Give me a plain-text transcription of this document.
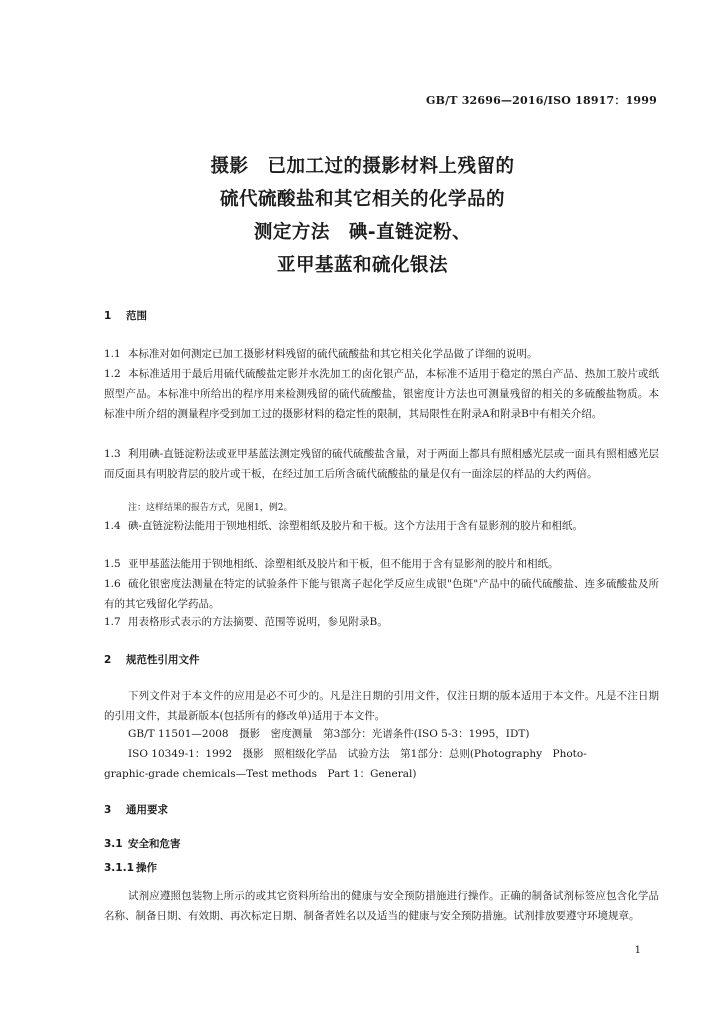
GB/T 32696—2016/ISO 18917：1999
摄影　已加工过的摄影材料上残留的
硫代硫酸盐和其它相关的化学品的
测定方法　碘-直链淀粉、
亚甲基蓝和硫化银法
1 范围
1.1 本标准对如何测定已加工摄影材料残留的硫代硫酸盐和其它相关化学品做了详细的说明。
1.2 本标准适用于最后用硫代硫酸盐定影并水洗加工的卤化银产品，本标准不适用于稳定的黑白产品、热加工胶片或纸照型产品。本标准中所给出的程序用来检测残留的硫代硫酸盐，银密度计方法也可测量残留的相关的多硫酸盐物质。本标准中所介绍的测量程序受到加工过的摄影材料的稳定性的限制，其局限性在附录A和附录B中有相关介绍。
1.3 利用碘-直链淀粉法或亚甲基蓝法测定残留的硫代硫酸盐含量，对于两面上都具有照相感光层或一面具有照相感光层而反面具有明胶背层的胶片或干板，在经过加工后所含硫代硫酸盐的量是仅有一面涂层的样品的大约两倍。
注：这样结果的报告方式，见图1，例2。
1.4 碘-直链淀粉法能用于钡地相纸、涂塑相纸及胶片和干板。这个方法用于含有显影剂的胶片和相纸。
1.5 亚甲基蓝法能用于钡地相纸、涂塑相纸及胶片和干板，但不能用于含有显影剂的胶片和相纸。
1.6 硫化银密度法测量在特定的试验条件下能与银离子起化学反应生成银"色斑"产品中的硫代硫酸盐、连多硫酸盐及所有的其它残留化学药品。
1.7 用表格形式表示的方法摘要、范围等说明，参见附录B。
2 规范性引用文件
下列文件对于本文件的应用是必不可少的。凡是注日期的引用文件，仅注日期的版本适用于本文件。凡是不注日期的引用文件，其最新版本(包括所有的修改单)适用于本文件。
GB/T 11501—2008　摄影　密度测量　第3部分：光谱条件(ISO 5-3：1995，IDT)
ISO 10349-1：1992　摄影　照相级化学品　试验方法　第1部分：总则(Photography　Photo-
graphic-grade chemicals—Test methods　Part 1：General)
3 通用要求
3.1 安全和危害
3.1.1 操作
试剂应遵照包装物上所示的或其它资料所给出的健康与安全预防措施进行操作。正确的制备试剂标签应包含化学品名称、制备日期、有效期、再次标定日期、制备者姓名以及适当的健康与安全预防措施。试剂排放要遵守环境规章。
1
